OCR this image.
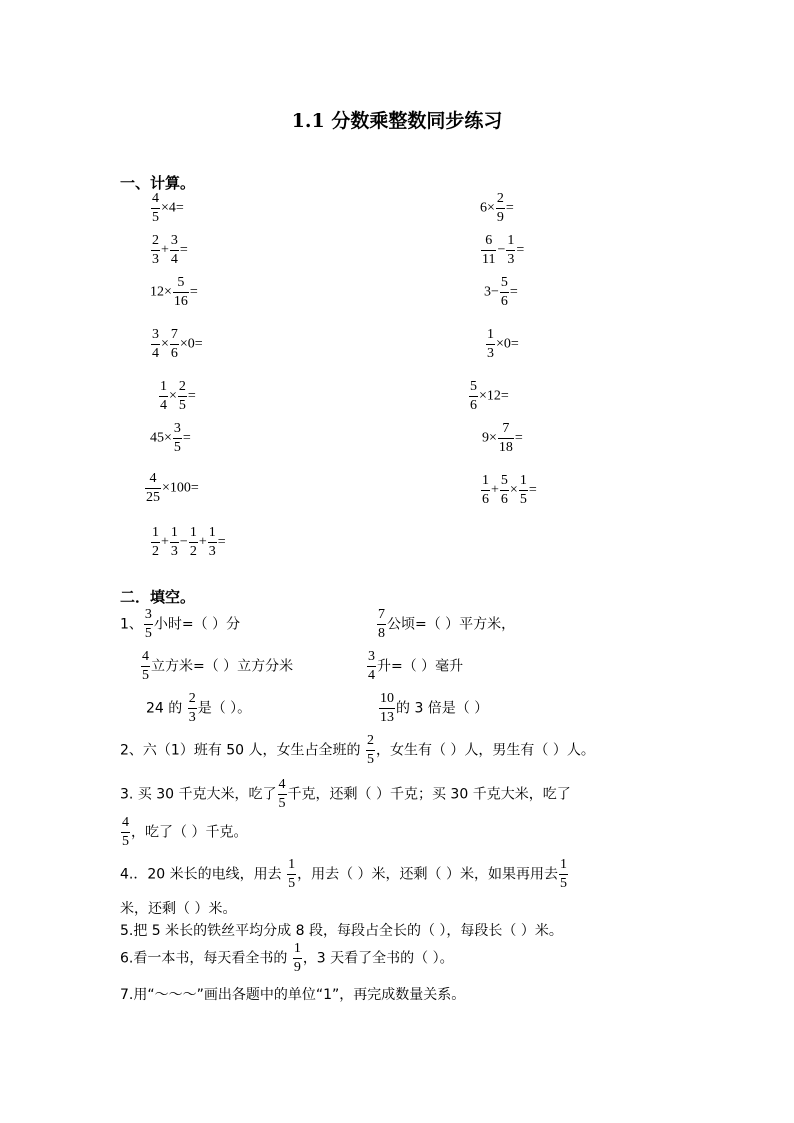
1.1 分数乘整数同步练习
一、计算。
$\frac{4}{5} \times 4=$	$6\times \frac{2}{9}$ =
$\frac{2}{3} + \frac{3}{4}$ =	$\frac{6}{11} - \frac{1}{3}$ =
$12\times \frac{5}{16}$ =	$3- \frac{5}{6}$ =
$\frac{3}{4} \times \frac{7}{6} \times 0=$	$\frac{1}{3} \times 0=$
$\frac{1}{4} \times \frac{2}{5}$ =	$\frac{5}{6} \times 12=$
$45\times \frac{3}{5}$ =	$9\times \frac{7}{18}$ =
$\frac{4}{25} \times 100=$	$\frac{1}{6} + \frac{5}{6} \times \frac{1}{5}$ =
$\frac{1}{2} + \frac{1}{3} - \frac{1}{2} + \frac{1}{3}$ =
二．填空。
1、 $\frac{3}{5}$ 小时=（ ）分	$\frac{7}{8}$ 公顷=（ ）平方米，
$\frac{4}{5}$ 立方米=（ ）立方分米	$\frac{3}{4}$ 升=（ ）毫升
24 的 $\frac{2}{3}$ 是（ ）。	$\frac{10}{13}$ 的 3 倍是（ ）
2、六（1）班有 50 人，女生占全班的 $\frac{2}{5}$ ，女生有（ ）人，男生有（ ）人。
3. 买 30 千克大米，吃了 $\frac{4}{5}$ 千克，还剩（ ）千克；买 30 千克大米，吃了
$\frac{4}{5}$ ，吃了（ ）千克。
4.．20 米长的电线，用去 $\frac{1}{5}$ ，用去（ ）米，还剩（ ）米，如果再用去 $\frac{1}{5}$
米，还剩（ ）米。
5.把 5 米长的铁丝平均分成 8 段，每段占全长的（ ），每段长（ ）米。
6.看一本书，每天看全书的 $\frac{1}{9}$ ，3 天看了全书的（ ）。
7.用“～～～”画出各题中的单位“1”，再完成数量关系。
